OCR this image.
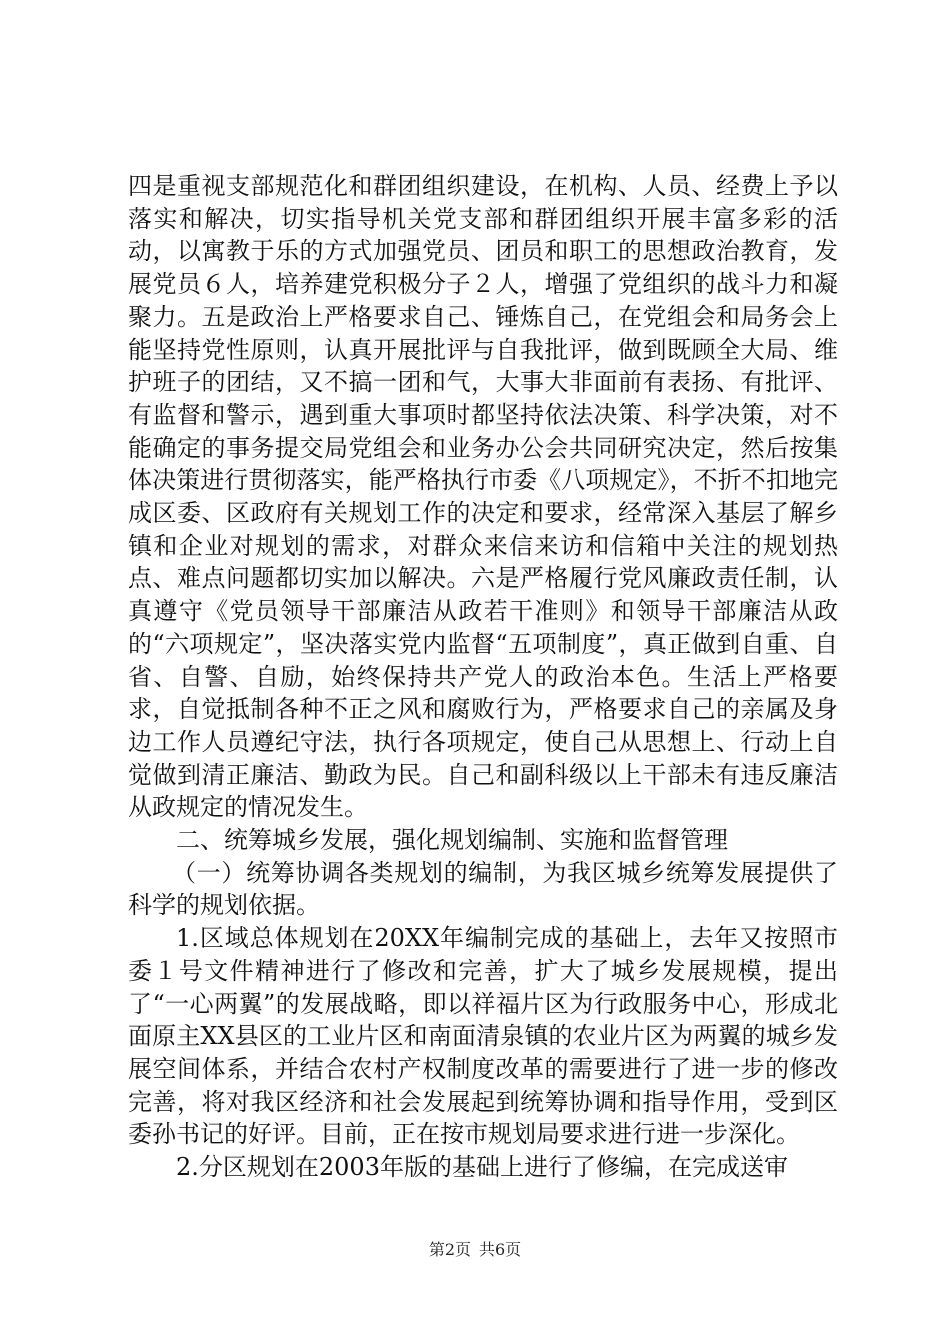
四是重视支部规范化和群团组织建设，在机构、人员、经费上予以落实和解决，切实指导机关党支部和群团组织开展丰富多彩的活动，以寓教于乐的方式加强党员、团员和职工的思想政治教育，发展党员６人，培养建党积极分子２人，增强了党组织的战斗力和凝聚力。五是政治上严格要求自己、锤炼自己，在党组会和局务会上能坚持党性原则，认真开展批评与自我批评，做到既顾全大局、维护班子的团结，又不搞一团和气，大事大非面前有表扬、有批评、有监督和警示，遇到重大事项时都坚持依法决策、科学决策，对不能确定的事务提交局党组会和业务办公会共同研究决定，然后按集体决策进行贯彻落实，能严格执行市委《八项规定》，不折不扣地完成区委、区政府有关规划工作的决定和要求，经常深入基层了解乡镇和企业对规划的需求，对群众来信来访和信箱中关注的规划热点、难点问题都切实加以解决。六是严格履行党风廉政责任制，认真遵守《党员领导干部廉洁从政若干准则》和领导干部廉洁从政的“六项规定”，坚决落实党内监督“五项制度”，真正做到自重、自省、自警、自励，始终保持共产党人的政治本色。生活上严格要求，自觉抵制各种不正之风和腐败行为，严格要求自己的亲属及身边工作人员遵纪守法，执行各项规定，使自己从思想上、行动上自觉做到清正廉洁、勤政为民。自己和副科级以上干部未有违反廉洁从政规定的情况发生。

二、统筹城乡发展，强化规划编制、实施和监督管理

（一）统筹协调各类规划的编制，为我区城乡统筹发展提供了科学的规划依据。

1.区域总体规划在20XX年编制完成的基础上，去年又按照市委１号文件精神进行了修改和完善，扩大了城乡发展规模，提出了“一心两翼”的发展战略，即以祥福片区为行政服务中心，形成北面原主XX县区的工业片区和南面清泉镇的农业片区为两翼的城乡发展空间体系，并结合农村产权制度改革的需要进行了进一步的修改完善，将对我区经济和社会发展起到统筹协调和指导作用，受到区委孙书记的好评。目前，正在按市规划局要求进行进一步深化。

2.分区规划在2003年版的基础上进行了修编，在完成送审

第2页 共6页
